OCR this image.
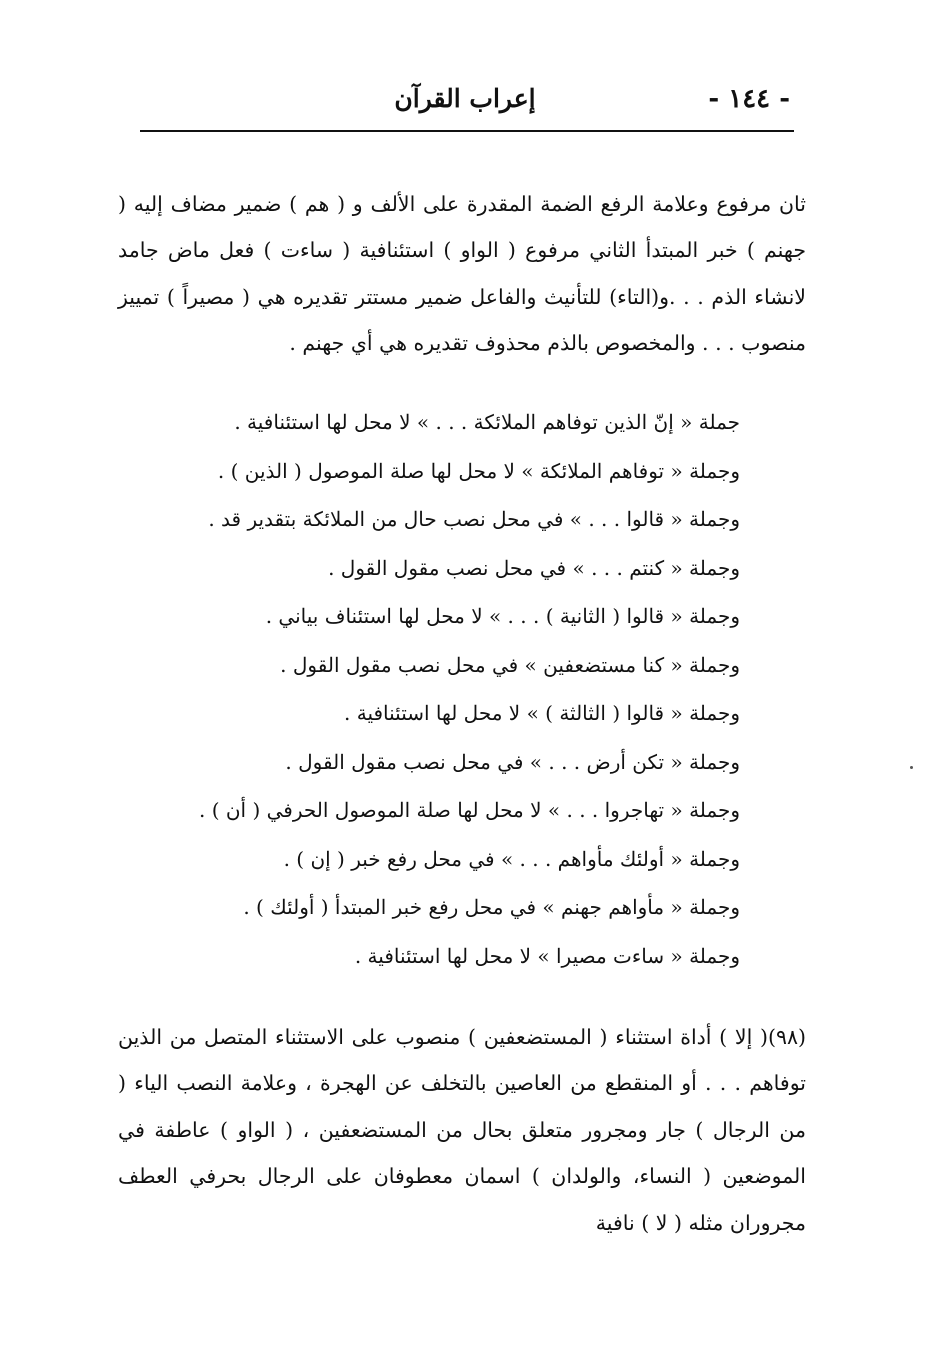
- ١٤٤ -
إعراب القرآن

ثان مرفوع وعلامة الرفع الضمة المقدرة على الألف و ( هم ) ضمير مضاف إليه ( جهنم ) خبر المبتدأ الثاني مرفوع ( الواو ) استئنافية ( ساءت ) فعل ماض جامد لانشاء الذم . . .و(التاء) للتأنيث والفاعل ضمير مستتر تقديره هي ( مصيراً ) تمييز منصوب . . . والمخصوص بالذم محذوف تقديره هي أي جهنم .

جملة « إنّ الذين توفاهم الملائكة . . . » لا محل لها استئنافية .
وجملة « توفاهم الملائكة » لا محل لها صلة الموصول ( الذين ) .
وجملة « قالوا . . . » في محل نصب حال من الملائكة بتقدير قد .
وجملة « كنتم . . . » في محل نصب مقول القول .
وجملة « قالوا ( الثانية ) . . . » لا محل لها استئناف بياني .
وجملة « كنا مستضعفين » في محل نصب مقول القول .
وجملة « قالوا ( الثالثة ) » لا محل لها استئنافية .
وجملة « تكن أرض . . . » في محل نصب مقول القول .
وجملة « تهاجروا . . . » لا محل لها صلة الموصول الحرفي ( أن ) .
وجملة « أولئك مأواهم . . . » في محل رفع خبر ( إن ) .
وجملة « مأواهم جهنم » في محل رفع خبر المبتدأ ( أولئك ) .
وجملة « ساءت مصيرا » لا محل لها استئنافية .

(٩٨)( إلا ) أداة استثناء ( المستضعفين ) منصوب على الاستثناء المتصل من الذين توفاهم . . . أو المنقطع من العاصين بالتخلف عن الهجرة ، وعلامة النصب الياء ( من الرجال ) جار ومجرور متعلق بحال من المستضعفين ، ( الواو ) عاطفة في الموضعين ( النساء، والولدان ) اسمان معطوفان على الرجال بحرفي العطف مجروران مثله ( لا ) نافية
